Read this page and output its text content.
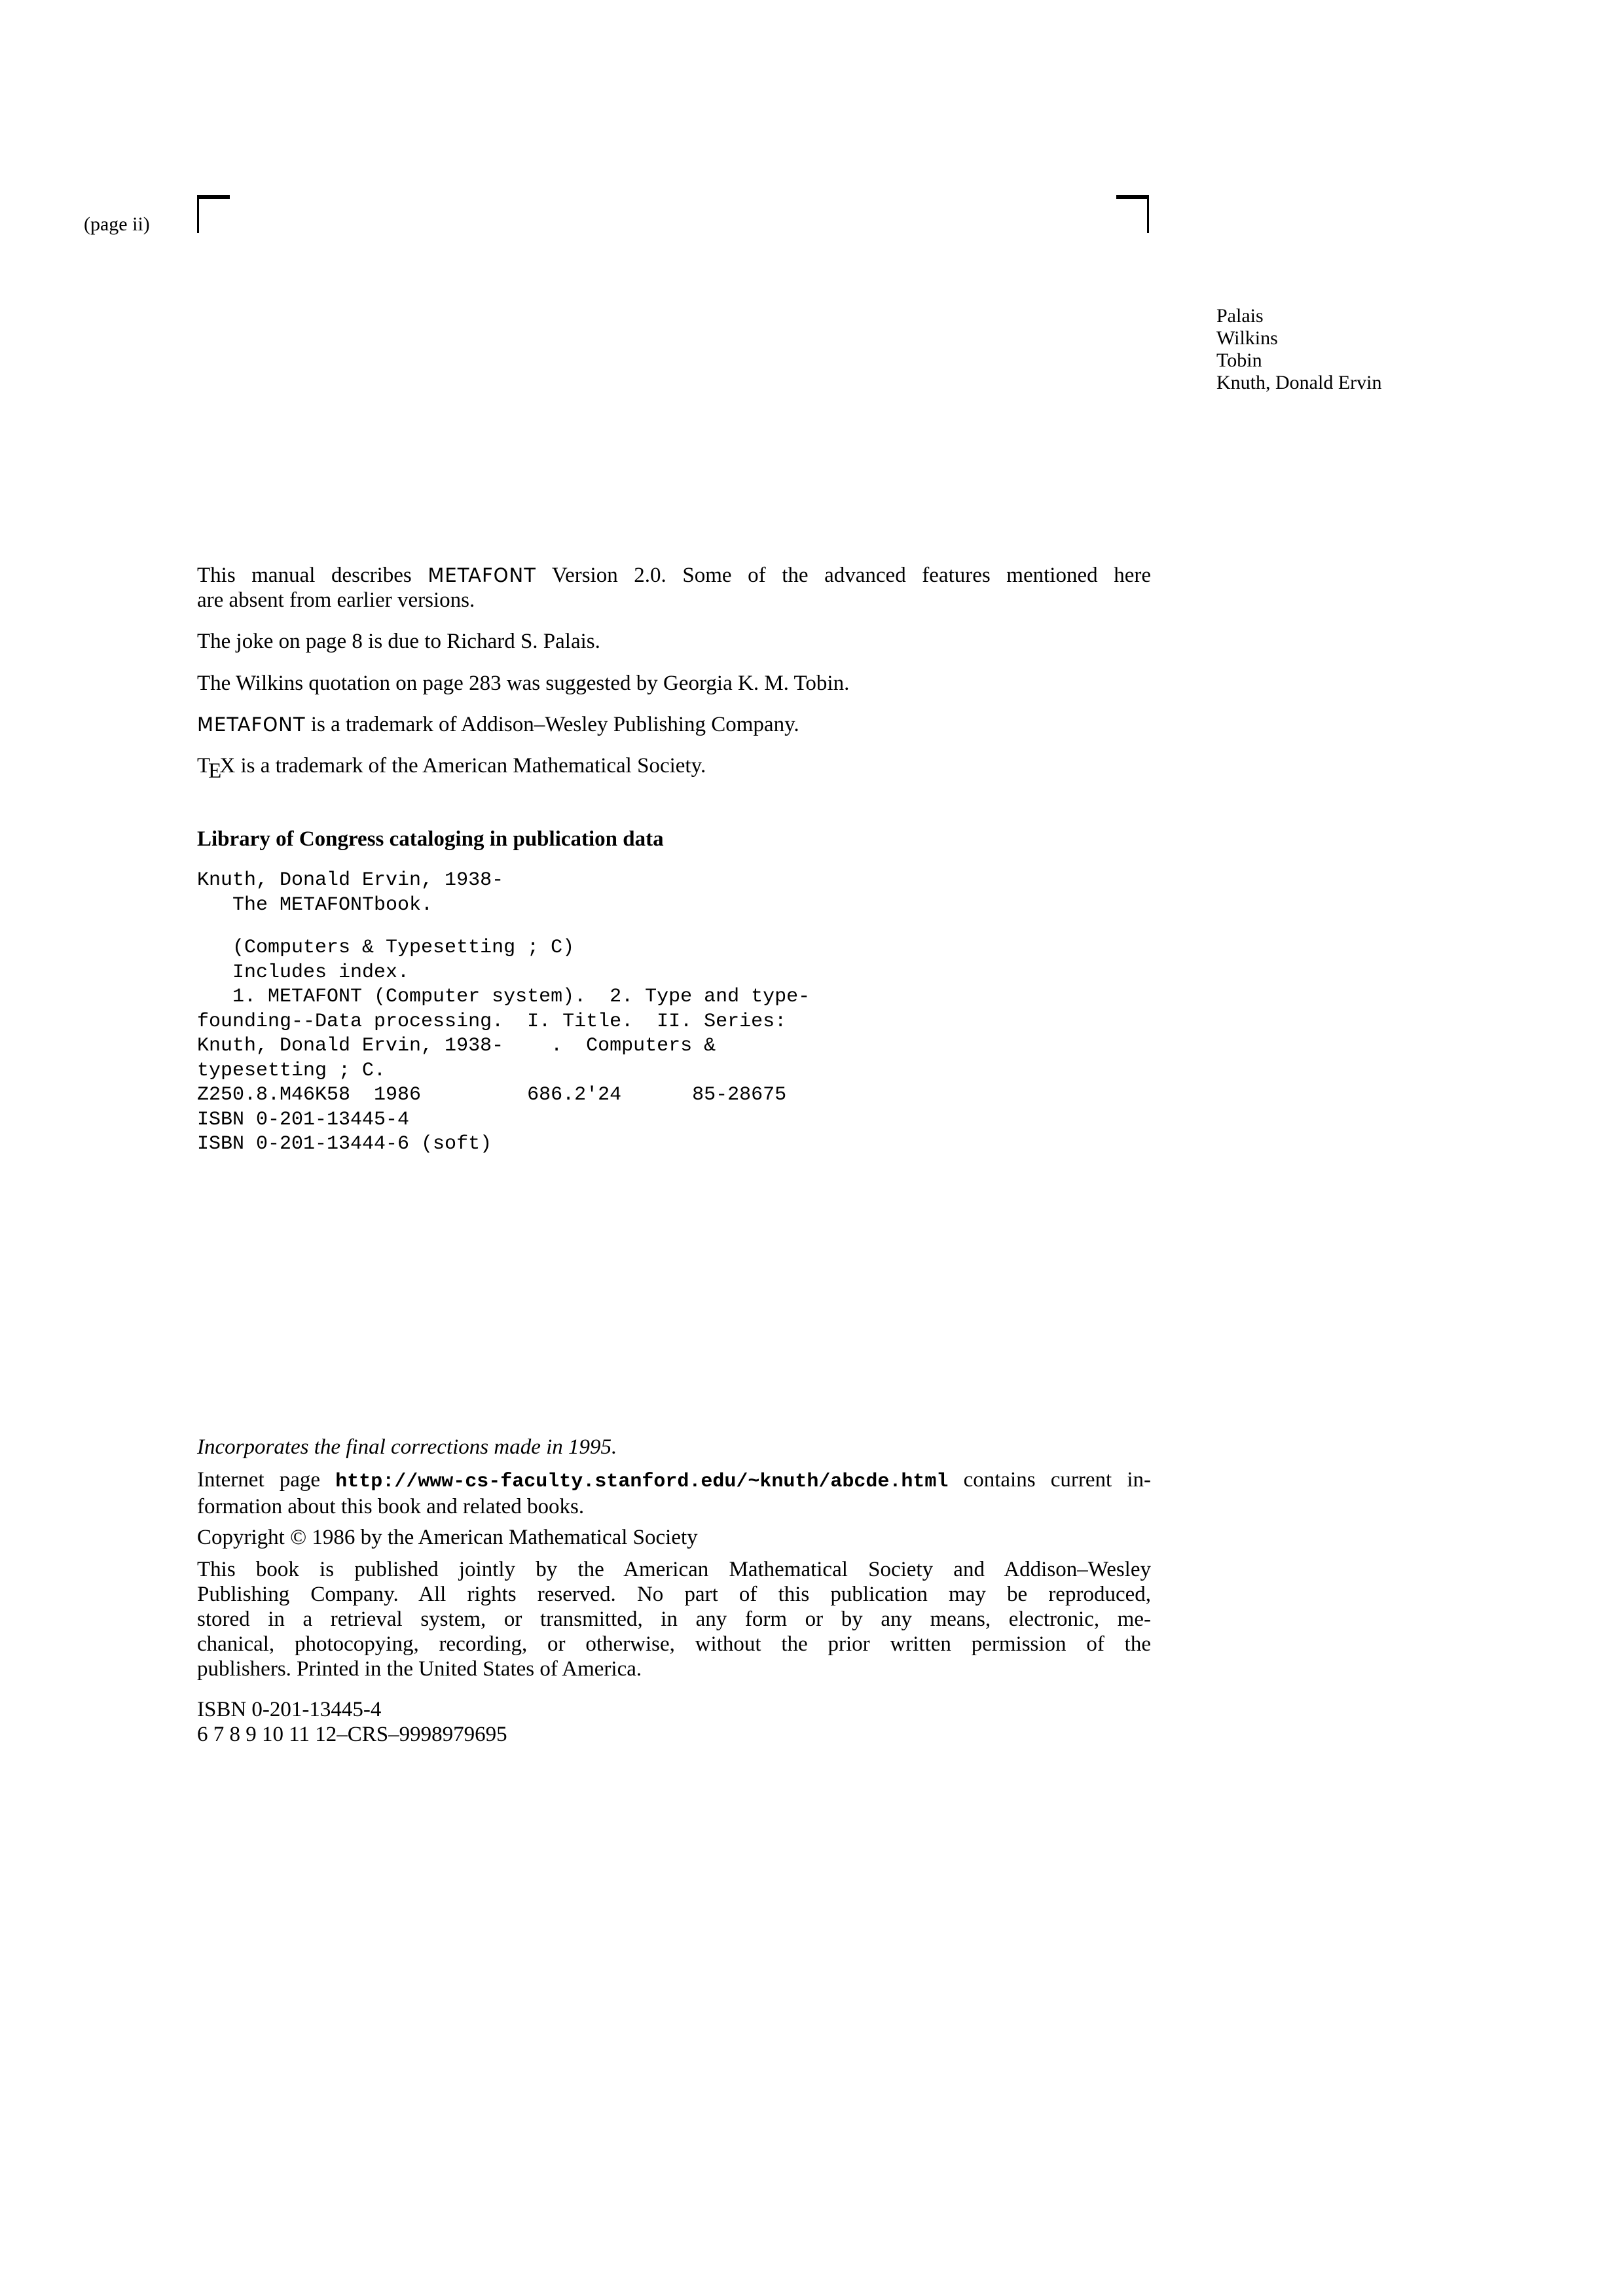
(page ii)
Palais
Wilkins
Tobin
Knuth, Donald Ervin
This manual describes METAFONT Version 2.0. Some of the advanced features mentioned here
are absent from earlier versions.
The joke on page 8 is due to Richard S. Palais.
The Wilkins quotation on page 283 was suggested by Georgia K. M. Tobin.
METAFONT is a trademark of Addison–Wesley Publishing Company.
TEX is a trademark of the American Mathematical Society.
Library of Congress cataloging in publication data
Knuth, Donald Ervin, 1938-
The METAFONTbook.
(Computers & Typesetting ; C)
Includes index.
1. METAFONT (Computer system).  2. Type and type-
founding--Data processing.  I. Title.  II. Series:
Knuth, Donald Ervin, 1938-    .  Computers &
typesetting ; C.
Z250.8.M46K58  1986         686.2'24      85-28675
ISBN 0-201-13445-4
ISBN 0-201-13444-6 (soft)
Incorporates the final corrections made in 1995.
Internet page http://www-cs-faculty.stanford.edu/~knuth/abcde.html contains current in-
formation about this book and related books.
Copyright © 1986 by the American Mathematical Society
This book is published jointly by the American Mathematical Society and Addison–Wesley
Publishing Company. All rights reserved. No part of this publication may be reproduced,
stored in a retrieval system, or transmitted, in any form or by any means, electronic, me-
chanical, photocopying, recording, or otherwise, without the prior written permission of the
publishers. Printed in the United States of America.
ISBN 0-201-13445-4
6 7 8 9 10 11 12–CRS–9998979695
